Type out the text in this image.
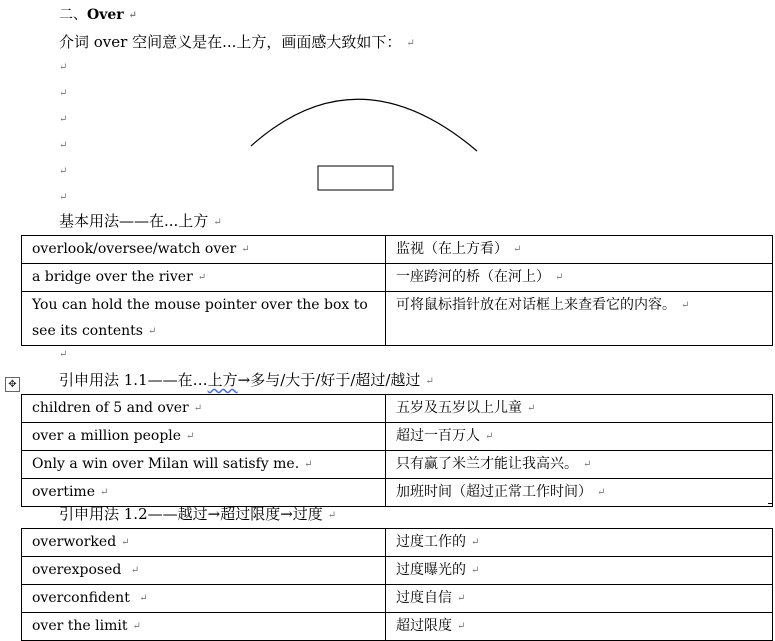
二、Over ↵
介词 over 空间意义是在...上方，画面感大致如下： ↵
↵
↵
↵
↵
↵
↵
基本用法——在...上方 ↵
overlook/oversee/watch over ↵	监视（在上方看） ↵
a bridge over the river ↵	一座跨河的桥（在河上） ↵
You can hold the mouse pointer over the box to see its contents ↵	可将鼠标指针放在对话框上来查看它的内容。 ↵
↵
✥	引申用法 1.1——在…上方→多与/大于/好于/超过/越过 ↵
children of 5 and over ↵	五岁及五岁以上儿童 ↵
over a million people ↵	超过一百万人 ↵
Only a win over Milan will satisfy me. ↵	只有赢了米兰才能让我高兴。 ↵
overtime ↵	加班时间（超过正常工作时间） ↵
引申用法 1.2——越过→超过限度→过度 ↵
overworked ↵	过度工作的 ↵
overexposed ↵	过度曝光的 ↵
overconfident ↵	过度自信 ↵
over the limit ↵	超过限度 ↵
